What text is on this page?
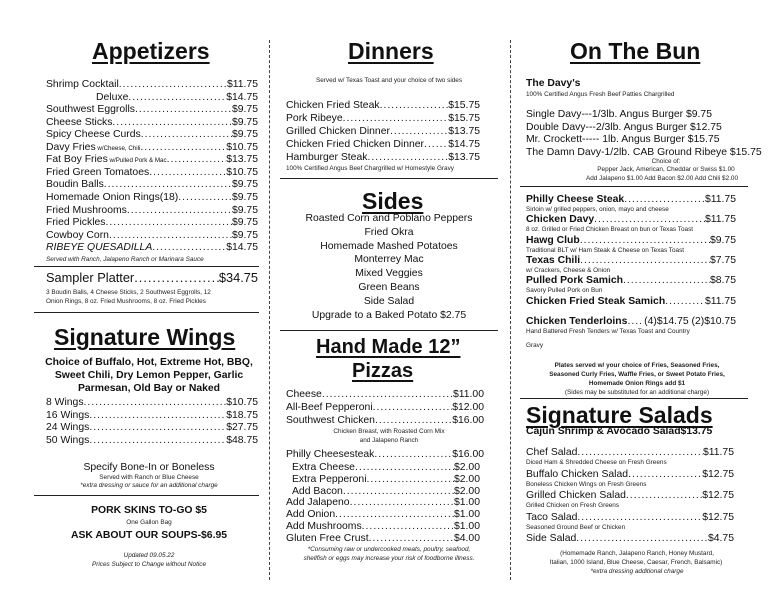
Appetizers
Shrimp Cocktail .....	$11.75
Deluxe .....	$14.75
Southwest Eggrolls .....	$9.75
Cheese Sticks .....	$9.75
Spicy Cheese Curds .....	$9.75
Davy Fries w/Cheese, Chili .....	$10.75
Fat Boy Fries w/Pulled Pork & Mac .....	$13.75
Fried Green Tomatoes .....	$10.75
Boudin Balls .....	$9.75
Homemade Onion Rings(18) .....	$9.75
Fried Mushrooms .....	$9.75
Fried Pickles .....	$9.75
Cowboy Corn .....	$9.75
RIBEYE QUESADILLA .....	$14.75
Served with Ranch, Jalapeno Ranch or Marinara Sauce
Sampler Platter .....	$34.75
3 Boudin Balls, 4 Cheese Sticks, 2 Southwest Eggrolls, 12
Onion Rings, 8 oz. Fried Mushrooms, 8 oz. Fried Pickles
Signature Wings
Choice of Buffalo, Hot, Extreme Hot, BBQ,
Sweet Chili, Dry Lemon Pepper, Garlic
Parmesan, Old Bay or Naked
8 Wings .....	$10.75
16 Wings .....	$18.75
24 Wings .....	$27.75
50 Wings .....	$48.75
Specify Bone-In or Boneless
Served with Ranch or Blue Cheese
*extra dressing or sauce for an additional charge
PORK SKINS TO-GO $5
One Gallon Bag
ASK ABOUT OUR SOUPS-$6.95
Updated 09.05.22
Prices Subject to Change without Notice
Dinners
Served w/ Texas Toast and your choice of two sides
Chicken Fried Steak .....	$15.75
Pork Ribeye .....	$15.75
Grilled Chicken Dinner .....	$13.75
Chicken Fried Chicken Dinner ..... $14.75
Hamburger Steak .....	$13.75
100% Certified Angus Beef Chargrilled w/ Homestyle Gravy
Sides
Roasted Corn and Poblano Peppers
Fried Okra
Homemade Mashed Potatoes
Monterrey Mac
Mixed Veggies
Green Beans
Side Salad
Upgrade to a Baked Potato $2.75
Hand Made 12”
Pizzas
Cheese .....	$11.00
All-Beef Pepperoni .....	$12.00
Southwest Chicken .....	$16.00
Chicken Breast, with Roasted Corn Mix
and Jalapeno Ranch
Philly Cheesesteak .....	$16.00
Extra Cheese .....	$2.00
Extra Pepperoni .....	$2.00
Add Bacon .....	$2.00
Add Jalapeno .....	$1.00
Add Onion .....	$1.00
Add Mushrooms .....	$1.00
Gluten Free Crust .....	$4.00
*Consuming raw or undercooked meats, poultry, seafood,
shellfish or eggs may increase your risk of foodborne illness.
On The Bun
The Davy's
100% Certified Angus Fresh Beef Patties Chargrilled
Single Davy---1/3lb. Angus Burger $9.75
Double Davy---2/3lb. Angus Burger $12.75
Mr. Crockett----- 1lb. Angus Burger $15.75
The Damn Davy-1/2lb. CAB Ground Ribeye $15.75
Choice of:
Pepper Jack, American, Cheddar or Swiss $1.00
Add Jalapeno $1.00 Add Bacon $2.00 Add Chili $2.00
Philly Cheese Steak .....	$11.75
Sirloin w/ grilled peppers, onion, mayo and cheese
Chicken Davy .....	$11.75
8 oz. Grilled or Fried Chicken Breast on bun or Texas Toast
Hawg Club .....	$9.75
Traditional BLT w/ Ham Steak & Cheese on Texas Toast
Texas Chili .....	$7.75
w/ Crackers, Cheese & Onion
Pulled Pork Samich .....	$8.75
Savory Pulled Pork on Bun
Chicken Fried Steak Samich .....	$11.75
Chicken Tenderloins ..... (4)$14.75 (2)$10.75
Hand Battered Fresh Tenders w/ Texas Toast and Country
Gravy
Plates served w/ your choice of Fries, Seasoned Fries,
Seasoned Curly Fries, Waffle Fries, or Sweet Potato Fries,
Homemade Onion Rings add $1
(Sides may be substituted for an additional charge)
Signature Salads
Cajun Shrimp & Avocado Salad $13.75
Chef Salad .....	$11.75
Diced Ham & Shredded Cheese on Fresh Greens
Buffalo Chicken Salad .....	$12.75
Boneless Chicken Wings on Fresh Greens
Grilled Chicken Salad .....	$12.75
Grilled Chicken on Fresh Greens
Taco Salad .....	$12.75
Seasoned Ground Beef or Chicken
Side Salad .....	$4.75
(Homemade Ranch, Jalapeno Ranch, Honey Mustard,
Italian, 1000 Island, Blue Cheese, Caesar, French, Balsamic)
*extra dressing additional charge
